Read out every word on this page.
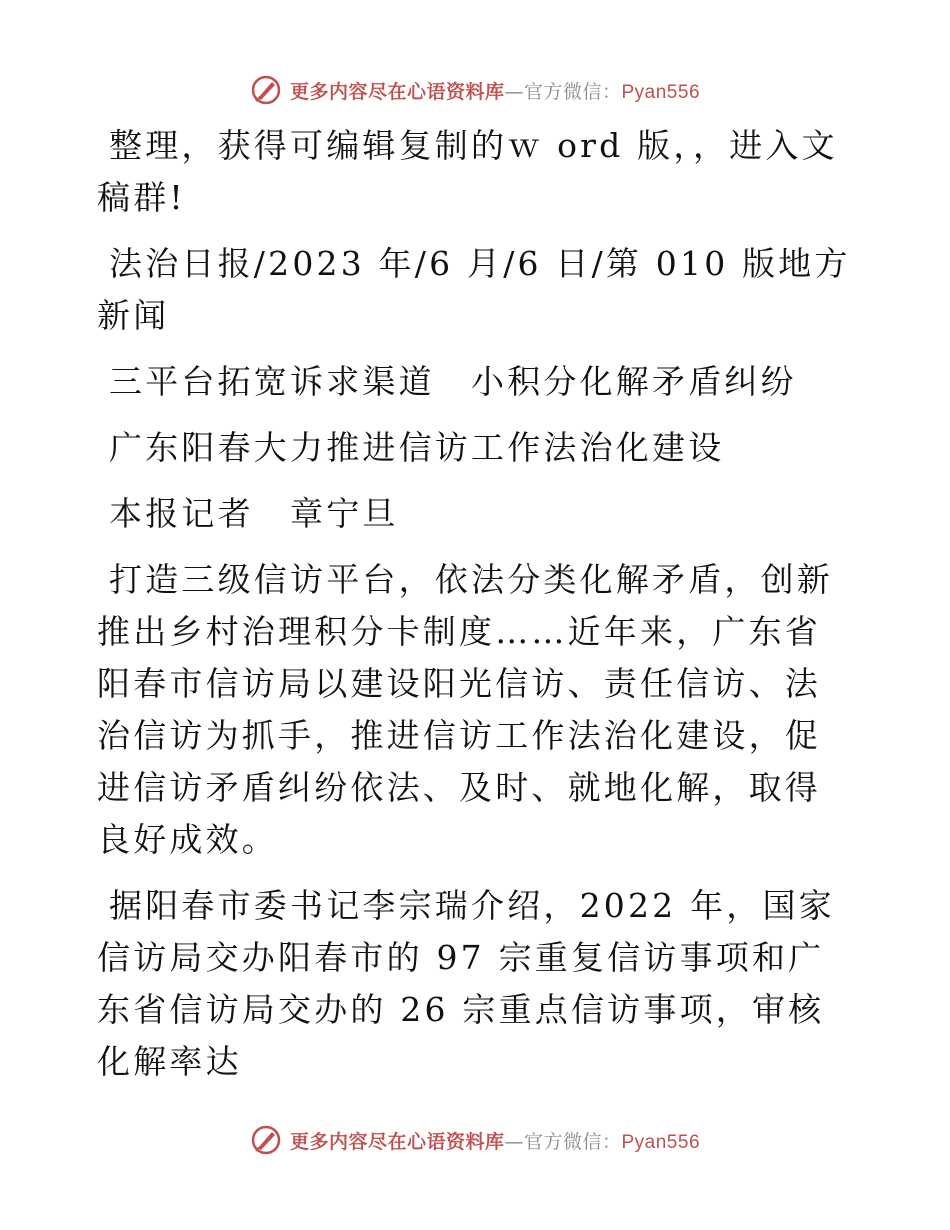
更多内容尽在心语资料库—官方微信：Pyan556

整理，获得可编辑复制的ｗ ord 版，，进入文稿群!

法治日报/2023 年/6 月/6 日/第 010 版地方新闻

三平台拓宽诉求渠道　小积分化解矛盾纠纷

广东阳春大力推进信访工作法治化建设

本报记者　章宁旦

打造三级信访平台，依法分类化解矛盾，创新推出乡村治理积分卡制度……近年来，广东省阳春市信访局以建设阳光信访、责任信访、法治信访为抓手，推进信访工作法治化建设，促进信访矛盾纠纷依法、及时、就地化解，取得良好成效。

据阳春市委书记李宗瑞介绍，2022 年，国家信访局交办阳春市的 97 宗重复信访事项和广东省信访局交办的 26 宗重点信访事项，审核化解率达

更多内容尽在心语资料库—官方微信：Pyan556
